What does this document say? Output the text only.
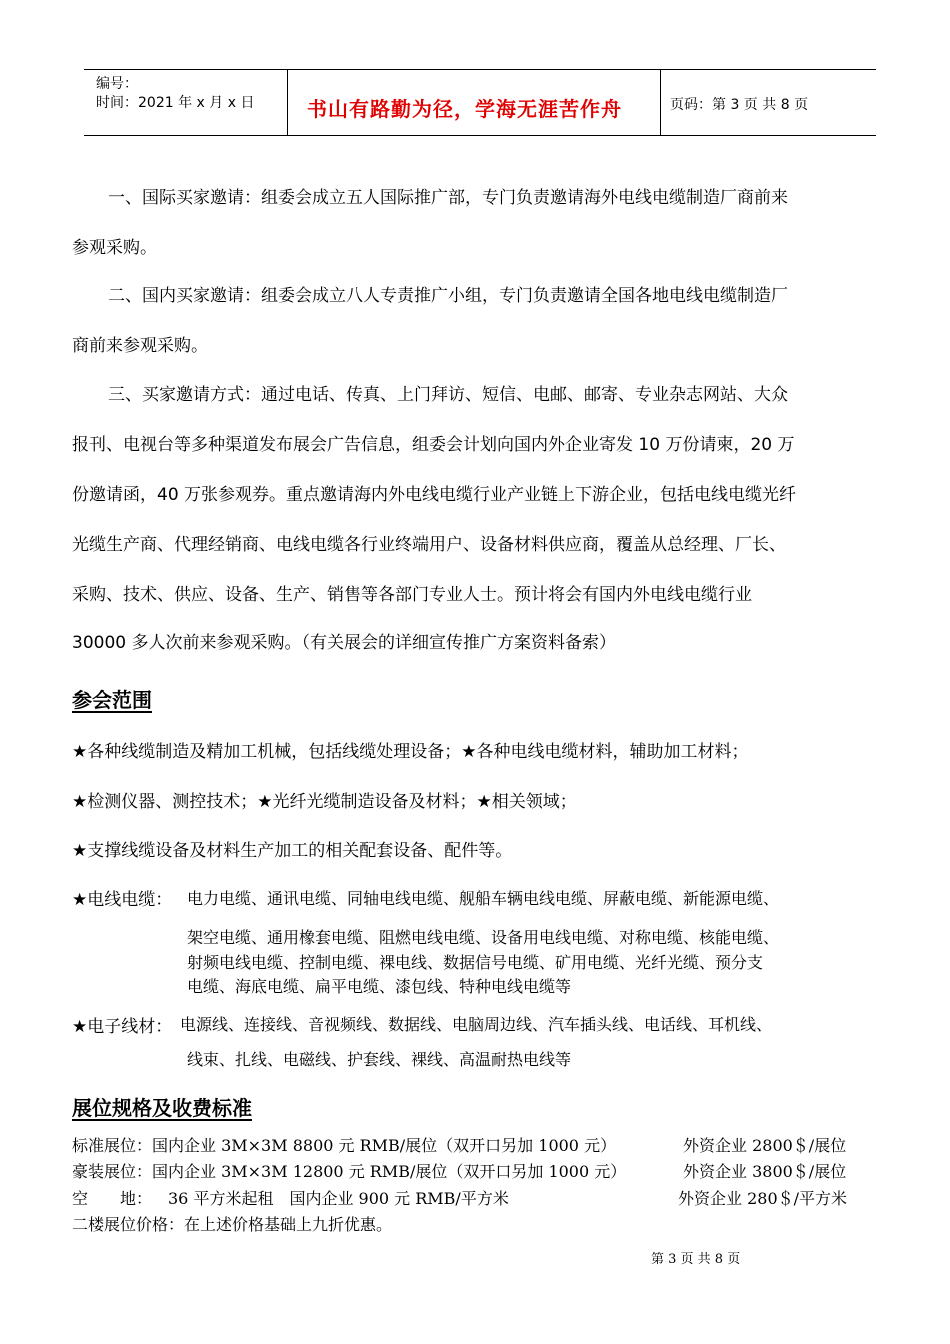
编号：
时间：2021 年 x 月 x 日	书山有路勤为径，学海无涯苦作舟	页码：第 3 页 共 8 页
一、国际买家邀请：组委会成立五人国际推广部，专门负责邀请海外电线电缆制造厂商前来
参观采购。
二、国内买家邀请：组委会成立八人专责推广小组，专门负责邀请全国各地电线电缆制造厂
商前来参观采购。
三、买家邀请方式：通过电话、传真、上门拜访、短信、电邮、邮寄、专业杂志网站、大众
报刊、电视台等多种渠道发布展会广告信息，组委会计划向国内外企业寄发 10 万份请柬，20 万
份邀请函，40 万张参观券。重点邀请海内外电线电缆行业产业链上下游企业，包括电线电缆光纤
光缆生产商、代理经销商、电线电缆各行业终端用户、设备材料供应商，覆盖从总经理、厂长、
采购、技术、供应、设备、生产、销售等各部门专业人士。预计将会有国内外电线电缆行业
30000 多人次前来参观采购。（有关展会的详细宣传推广方案资料备索）
参会范围
★各种线缆制造及精加工机械，包括线缆处理设备；★各种电线电缆材料，辅助加工材料；
★检测仪器、测控技术；★光纤光缆制造设备及材料；★相关领域；
★支撑线缆设备及材料生产加工的相关配套设备、配件等。
★电线电缆： 电力电缆、通讯电缆、同轴电线电缆、舰船车辆电线电缆、屏蔽电缆、新能源电缆、
架空电缆、通用橡套电缆、阻燃电线电缆、设备用电线电缆、对称电缆、核能电缆、
射频电线电缆、控制电缆、裸电线、数据信号电缆、矿用电缆、光纤光缆、预分支
电缆、海底电缆、扁平电缆、漆包线、特种电线电缆等
★电子线材： 电源线、连接线、音视频线、数据线、电脑周边线、汽车插头线、电话线、耳机线、
线束、扎线、电磁线、护套线、裸线、高温耐热电线等
展位规格及收费标准
标准展位：国内企业 3M×3M 8800 元 RMB/展位（双开口另加 1000 元）	外资企业 2800＄/展位
豪装展位：国内企业 3M×3M 12800 元 RMB/展位（双开口另加 1000 元）	外资企业 3800＄/展位
空　　地： 36 平方米起租　国内企业 900 元 RMB/平方米	外资企业 280＄/平方米
二楼展位价格：在上述价格基础上九折优惠。
第 3 页 共 8 页
